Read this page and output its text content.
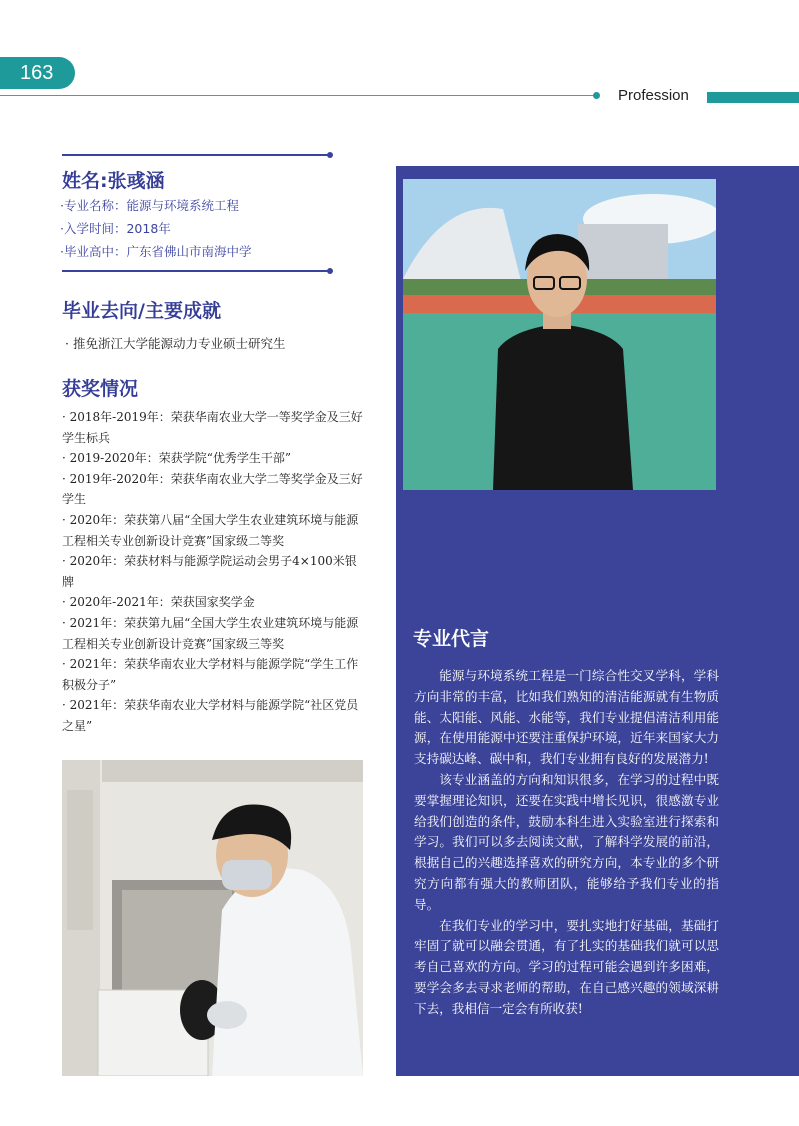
163
Profession
姓名:张彧涵
·专业名称：能源与环境系统工程
·入学时间：2018年
·毕业高中：广东省佛山市南海中学
毕业去向/主要成就
· 推免浙江大学能源动力专业硕士研究生
获奖情况
· 2018年-2019年：荣获华南农业大学一等奖学金及三好学生标兵
· 2019-2020年：荣获学院“优秀学生干部”
· 2019年-2020年：荣获华南农业大学二等奖学金及三好学生
· 2020年：荣获第八届“全国大学生农业建筑环境与能源工程相关专业创新设计竞赛”国家级二等奖
· 2020年：荣获材料与能源学院运动会男子4×100米银牌
· 2020年-2021年：荣获国家奖学金
· 2021年：荣获第九届“全国大学生农业建筑环境与能源工程相关专业创新设计竞赛”国家级三等奖
· 2021年：荣获华南农业大学材料与能源学院“学生工作积极分子”
· 2021年：荣获华南农业大学材料与能源学院“社区党员之星”
专业代言

能源与环境系统工程是一门综合性交叉学科，学科方向非常的丰富，比如我们熟知的清洁能源就有生物质能、太阳能、风能、水能等，我们专业提倡清洁利用能源，在使用能源中还要注重保护环境，近年来国家大力支持碳达峰、碳中和，我们专业拥有良好的发展潜力!

该专业涵盖的方向和知识很多，在学习的过程中既要掌握理论知识，还要在实践中增长见识，很感激专业给我们创造的条件，鼓励本科生进入实验室进行探索和学习。我们可以多去阅读文献，了解科学发展的前沿，根据自己的兴趣选择喜欢的研究方向，本专业的多个研究方向都有强大的教师团队，能够给予我们专业的指导。

在我们专业的学习中，要扎实地打好基础，基础打牢固了就可以融会贯通，有了扎实的基础我们就可以思考自己喜欢的方向。学习的过程可能会遇到许多困难，要学会多去寻求老师的帮助，在自己感兴趣的领域深耕下去，我相信一定会有所收获!
